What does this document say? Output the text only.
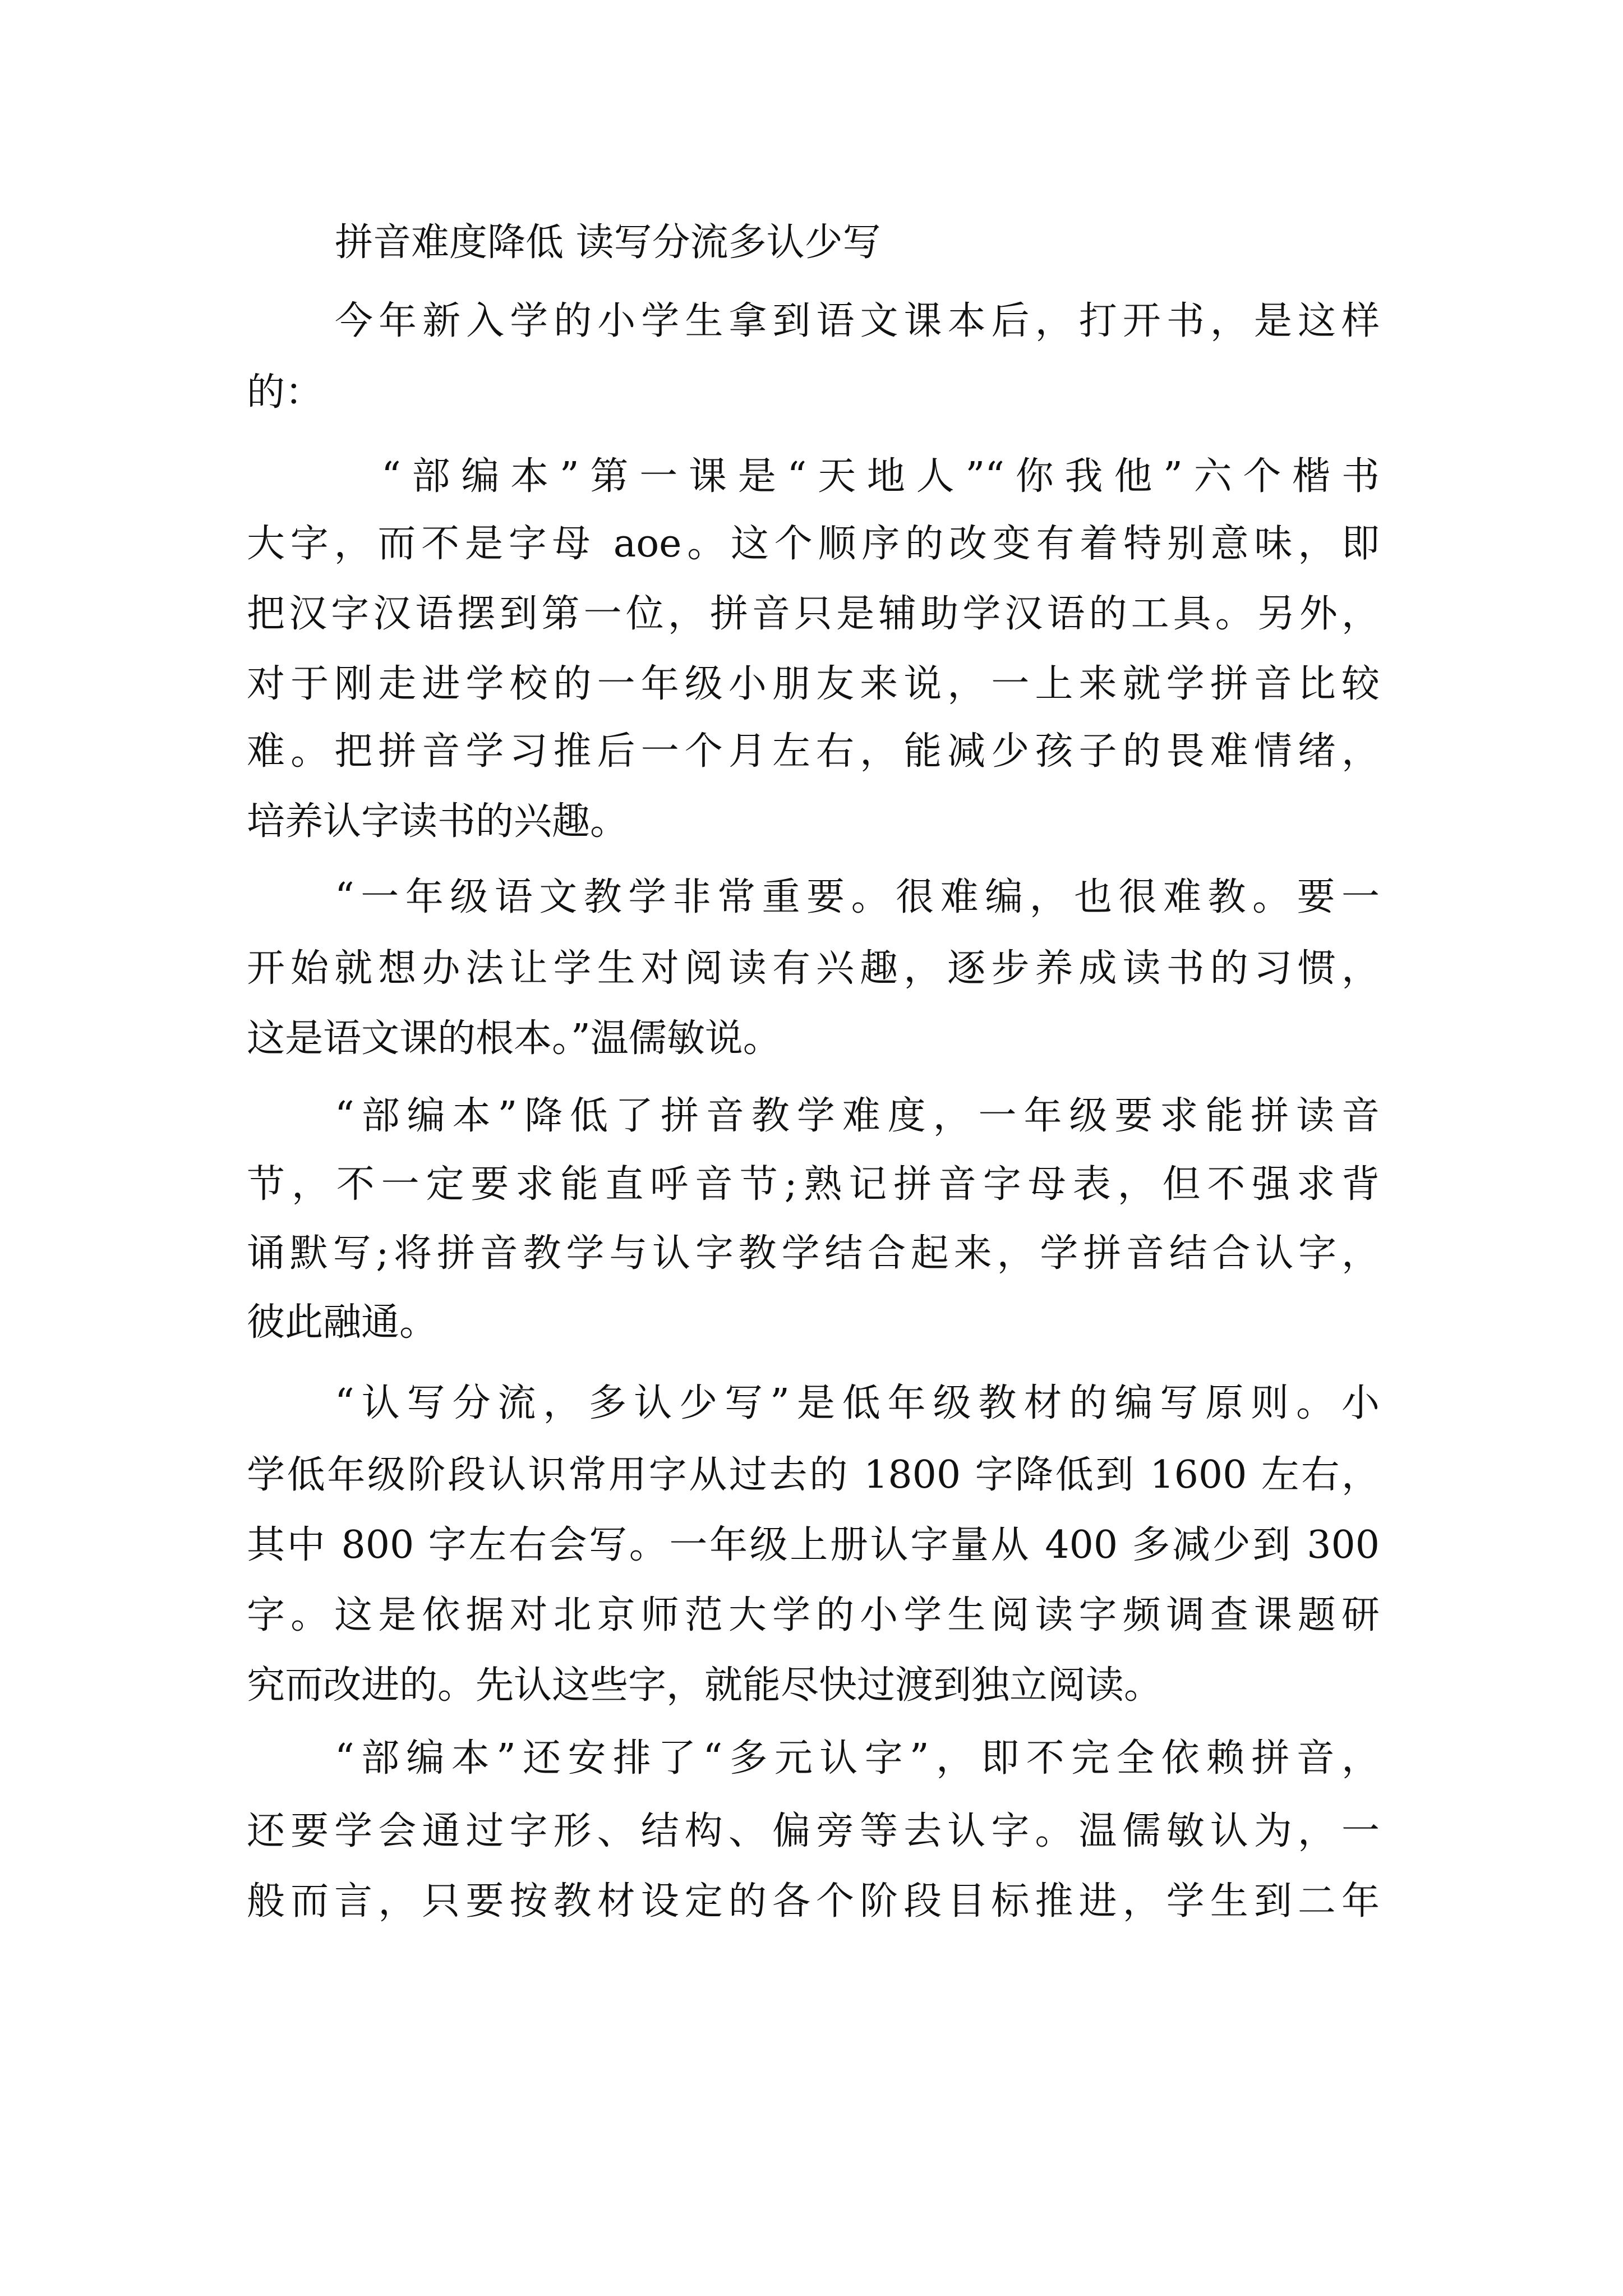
拼音难度降低 读写分流多认少写

今年新入学的小学生拿到语文课本后，打开书，是这样

的：

“部编本”第一课是“天地人”“你我他”六个楷书

大字，而不是字母 aoe。这个顺序的改变有着特别意味，即

把汉字汉语摆到第一位，拼音只是辅助学汉语的工具。另外，

对于刚走进学校的一年级小朋友来说，一上来就学拼音比较

难。把拼音学习推后一个月左右，能减少孩子的畏难情绪，

培养认字读书的兴趣。

“一年级语文教学非常重要。很难编，也很难教。要一

开始就想办法让学生对阅读有兴趣，逐步养成读书的习惯，

这是语文课的根本。”温儒敏说。

“部编本”降低了拼音教学难度，一年级要求能拼读音

节，不一定要求能直呼音节;熟记拼音字母表，但不强求背

诵默写;将拼音教学与认字教学结合起来，学拼音结合认字，

彼此融通。

“认写分流，多认少写”是低年级教材的编写原则。小

学低年级阶段认识常用字从过去的 1800 字降低到 1600 左右，

其中 800 字左右会写。一年级上册认字量从 400 多减少到 300

字。这是依据对北京师范大学的小学生阅读字频调查课题研

究而改进的。先认这些字，就能尽快过渡到独立阅读。

“部编本”还安排了“多元认字”，即不完全依赖拼音，

还要学会通过字形、结构、偏旁等去认字。温儒敏认为，一

般而言，只要按教材设定的各个阶段目标推进，学生到二年
